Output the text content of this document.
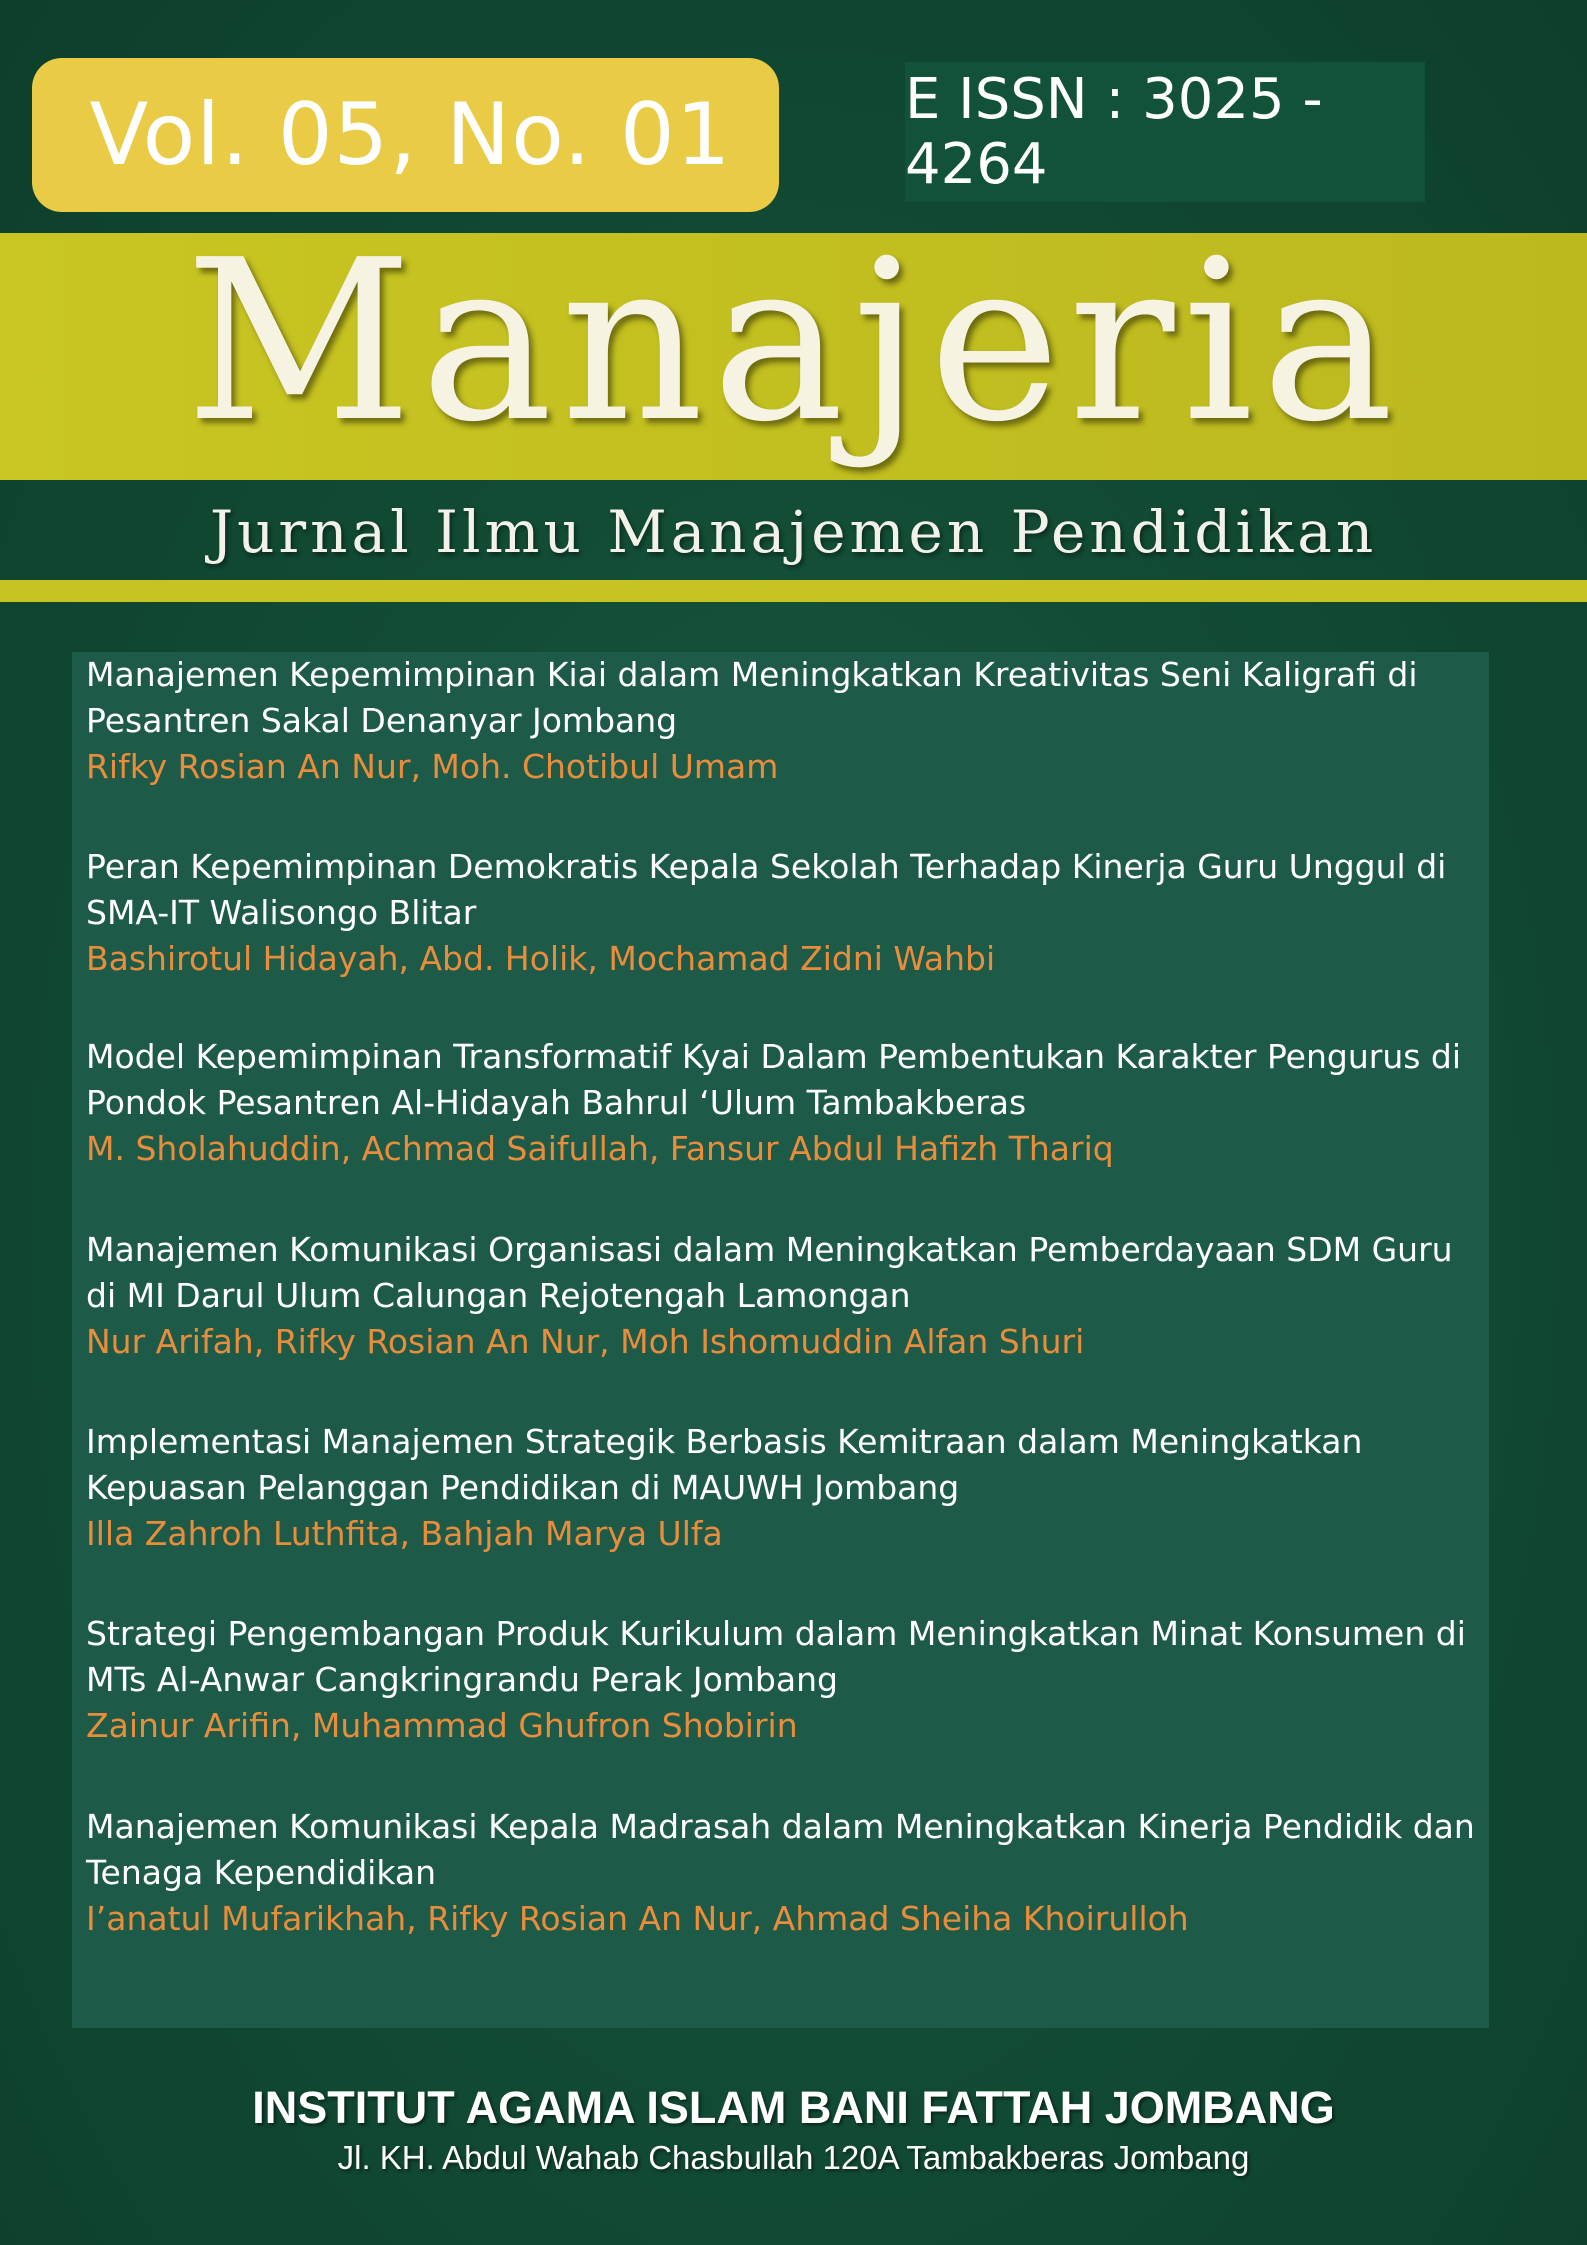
Vol. 05, No. 01	E ISSN : 3025 - 4264
Manajeria
Jurnal Ilmu Manajemen Pendidikan

Manajemen Kepemimpinan Kiai dalam Meningkatkan Kreativitas Seni Kaligrafi di Pesantren Sakal Denanyar Jombang

Rifky Rosian An Nur, Moh. Chotibul Umam

Peran Kepemimpinan Demokratis Kepala Sekolah Terhadap Kinerja Guru Unggul di SMA-IT Walisongo Blitar

Bashirotul Hidayah, Abd. Holik, Mochamad Zidni Wahbi

Model Kepemimpinan Transformatif Kyai Dalam Pembentukan Karakter Pengurus di Pondok Pesantren Al-Hidayah Bahrul ‘Ulum Tambakberas

M. Sholahuddin, Achmad Saifullah, Fansur Abdul Hafizh Thariq

Manajemen Komunikasi Organisasi dalam Meningkatkan Pemberdayaan SDM Guru di MI Darul Ulum Calungan Rejotengah Lamongan

Nur Arifah, Rifky Rosian An Nur, Moh Ishomuddin Alfan Shuri

Implementasi Manajemen Strategik Berbasis Kemitraan dalam Meningkatkan Kepuasan Pelanggan Pendidikan di MAUWH Jombang

Illa Zahroh Luthfita, Bahjah Marya Ulfa

Strategi Pengembangan Produk Kurikulum dalam Meningkatkan Minat Konsumen di MTs Al-Anwar Cangkringrandu Perak Jombang

Zainur Arifin, Muhammad Ghufron Shobirin

Manajemen Komunikasi Kepala Madrasah dalam Meningkatkan Kinerja Pendidik dan Tenaga Kependidikan

I’anatul Mufarikhah, Rifky Rosian An Nur, Ahmad Sheiha Khoirulloh

INSTITUT AGAMA ISLAM BANI FATTAH JOMBANG
Jl. KH. Abdul Wahab Chasbullah 120A Tambakberas Jombang
